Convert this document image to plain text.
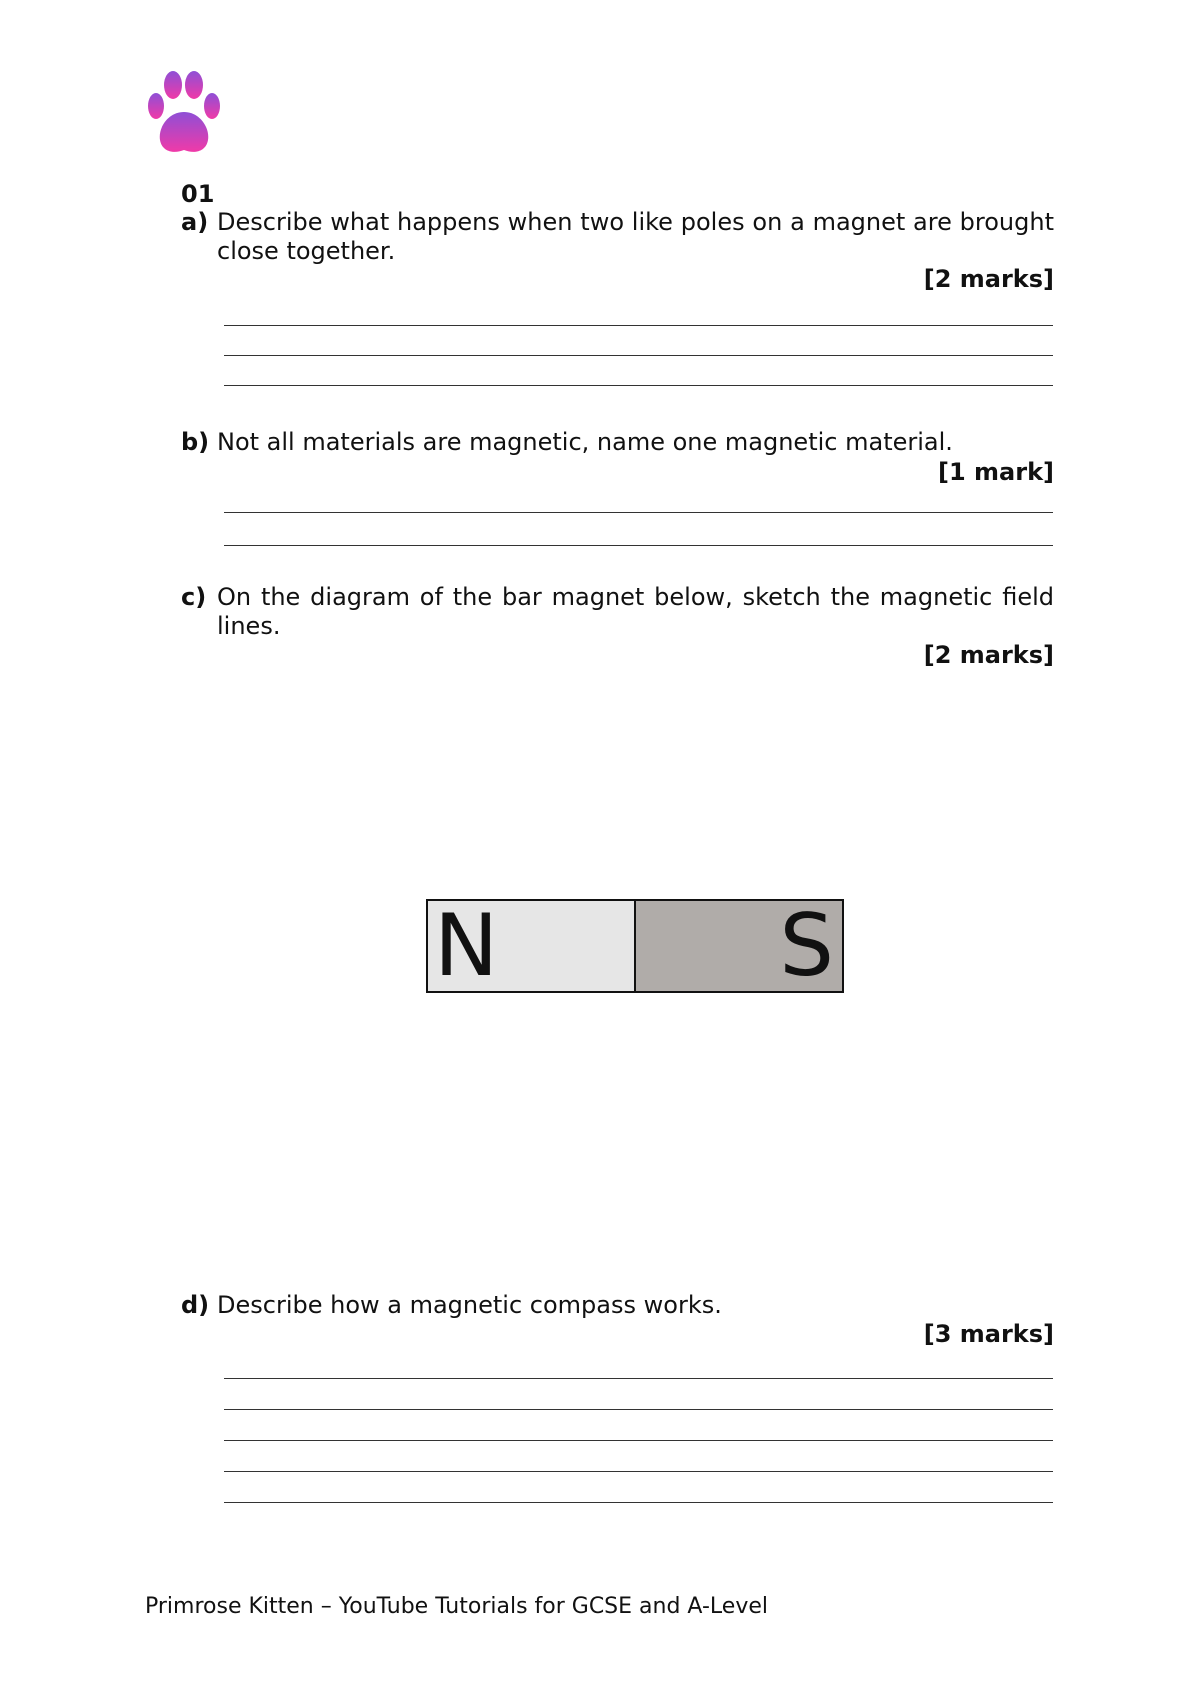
01
a) Describe what happens when two like poles on a magnet are brought close together.
[2 marks]
b) Not all materials are magnetic, name one magnetic material.
[1 mark]
c) On the diagram of the bar magnet below, sketch the magnetic field lines.
[2 marks]
N	S
d) Describe how a magnetic compass works.
[3 marks]
Primrose Kitten – YouTube Tutorials for GCSE and A-Level
